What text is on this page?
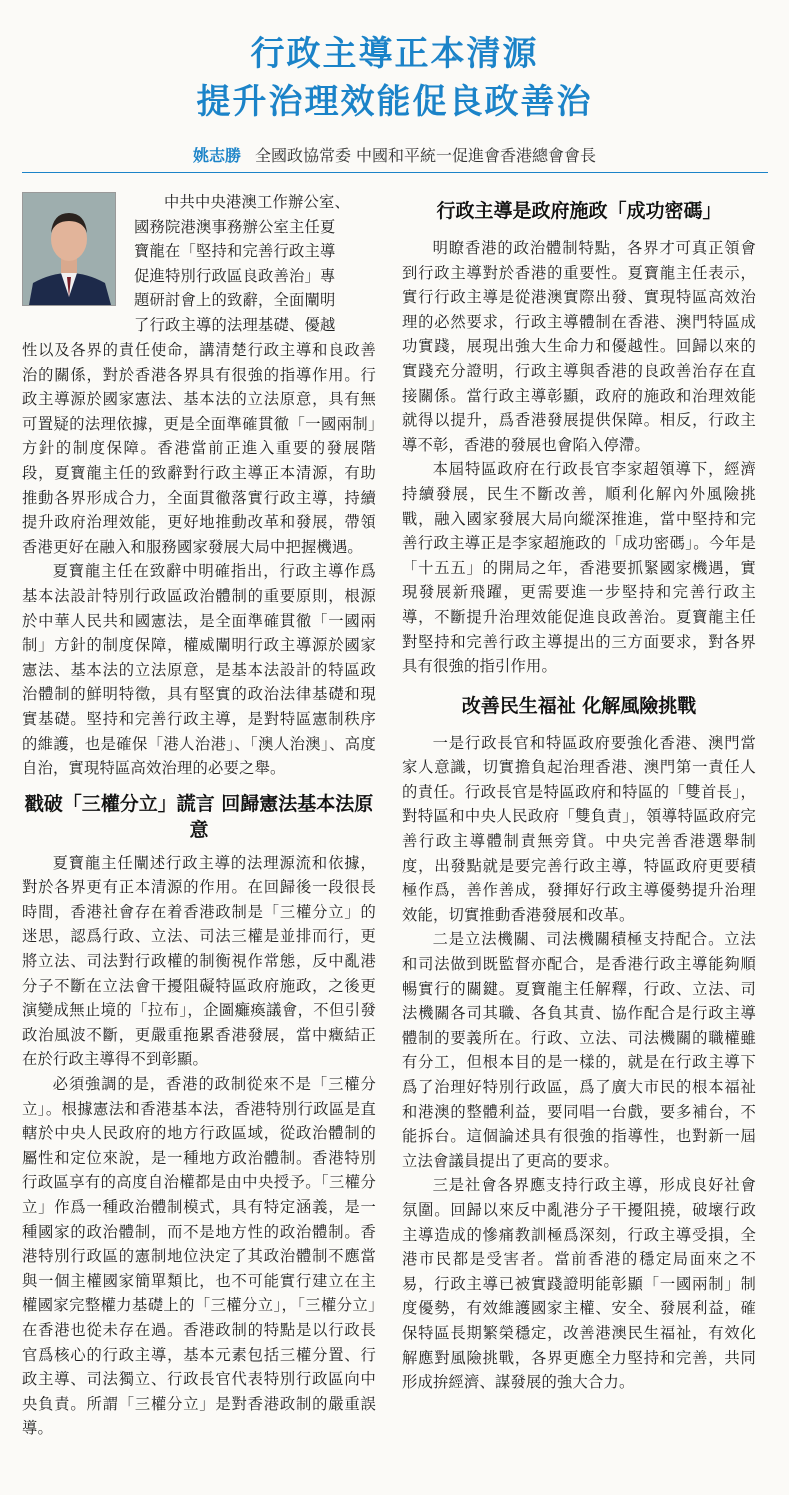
行政主導正本清源
提升治理效能促良政善治
姚志勝 全國政協常委 中國和平統一促進會香港總會會長

中共中央港澳工作辦公室、

國務院港澳事務辦公室主任夏

寶龍在「堅持和完善行政主導

促進特別行政區良政善治」專

題研討會上的致辭，全面闡明

了行政主導的法理基礎、優越

性以及各界的責任使命，講清楚行政主導和良政善治的關係，對於香港各界具有很強的指導作用。行政主導源於國家憲法、基本法的立法原意，具有無可置疑的法理依據，更是全面準確貫徹「一國兩制」方針的制度保障。香港當前正進入重要的發展階段，夏寶龍主任的致辭對行政主導正本清源，有助推動各界形成合力，全面貫徹落實行政主導，持續提升政府治理效能，更好地推動改革和發展，帶領香港更好在融入和服務國家發展大局中把握機遇。

夏寶龍主任在致辭中明確指出，行政主導作爲基本法設計特別行政區政治體制的重要原則，根源於中華人民共和國憲法，是全面準確貫徹「一國兩制」方針的制度保障，權威闡明行政主導源於國家憲法、基本法的立法原意，是基本法設計的特區政治體制的鮮明特徵，具有堅實的政治法律基礎和現實基礎。堅持和完善行政主導，是對特區憲制秩序的維護，也是確保「港人治港」、「澳人治澳」、高度自治，實現特區高效治理的必要之舉。

戳破「三權分立」謊言 回歸憲法基本法原意

夏寶龍主任闡述行政主導的法理源流和依據，對於各界更有正本清源的作用。在回歸後一段很長時間，香港社會存在着香港政制是「三權分立」的迷思，認爲行政、立法、司法三權是並排而行，更將立法、司法對行政權的制衡視作常態，反中亂港分子不斷在立法會干擾阻礙特區政府施政，之後更演變成無止境的「拉布」，企圖癱瘓議會，不但引發政治風波不斷，更嚴重拖累香港發展，當中癥結正在於行政主導得不到彰顯。

必須強調的是，香港的政制從來不是「三權分立」。根據憲法和香港基本法，香港特別行政區是直轄於中央人民政府的地方行政區域，從政治體制的屬性和定位來說，是一種地方政治體制。香港特別行政區享有的高度自治權都是由中央授予。「三權分立」作爲一種政治體制模式，具有特定涵義，是一種國家的政治體制，而不是地方性的政治體制。香港特別行政區的憲制地位決定了其政治體制不應當與一個主權國家簡單類比，也不可能實行建立在主權國家完整權力基礎上的「三權分立」，「三權分立」在香港也從未存在過。香港政制的特點是以行政長官爲核心的行政主導，基本元素包括三權分置、行政主導、司法獨立、行政長官代表特別行政區向中央負責。所謂「三權分立」是對香港政制的嚴重誤導。

行政主導是政府施政「成功密碼」

明瞭香港的政治體制特點，各界才可真正領會到行政主導對於香港的重要性。夏寶龍主任表示，實行行政主導是從港澳實際出發、實現特區高效治理的必然要求，行政主導體制在香港、澳門特區成功實踐，展現出強大生命力和優越性。回歸以來的實踐充分證明，行政主導與香港的良政善治存在直接關係。當行政主導彰顯，政府的施政和治理效能就得以提升，爲香港發展提供保障。相反，行政主導不彰，香港的發展也會陷入停滯。

本屆特區政府在行政長官李家超領導下，經濟持續發展，民生不斷改善，順利化解內外風險挑戰，融入國家發展大局向縱深推進，當中堅持和完善行政主導正是李家超施政的「成功密碼」。今年是「十五五」的開局之年，香港要抓緊國家機遇，實現發展新飛躍，更需要進一步堅持和完善行政主導，不斷提升治理效能促進良政善治。夏寶龍主任對堅持和完善行政主導提出的三方面要求，對各界具有很強的指引作用。

改善民生福祉 化解風險挑戰

一是行政長官和特區政府要強化香港、澳門當家人意識，切實擔負起治理香港、澳門第一責任人的責任。行政長官是特區政府和特區的「雙首長」，對特區和中央人民政府「雙負責」，領導特區政府完善行政主導體制責無旁貸。中央完善香港選舉制度，出發點就是要完善行政主導，特區政府更要積極作爲，善作善成，發揮好行政主導優勢提升治理效能，切實推動香港發展和改革。

二是立法機關、司法機關積極支持配合。立法和司法做到既監督亦配合，是香港行政主導能夠順暢實行的關鍵。夏寶龍主任解釋，行政、立法、司法機關各司其職、各負其責、協作配合是行政主導體制的要義所在。行政、立法、司法機關的職權雖有分工，但根本目的是一樣的，就是在行政主導下爲了治理好特別行政區，爲了廣大市民的根本福祉和港澳的整體利益，要同唱一台戲，要多補台，不能拆台。這個論述具有很強的指導性，也對新一屆立法會議員提出了更高的要求。

三是社會各界應支持行政主導，形成良好社會氛圍。回歸以來反中亂港分子干擾阻撓，破壞行政主導造成的慘痛教訓極爲深刻，行政主導受損，全港市民都是受害者。當前香港的穩定局面來之不易，行政主導已被實踐證明能彰顯「一國兩制」制度優勢，有效維護國家主權、安全、發展利益，確保特區長期繁榮穩定，改善港澳民生福祉，有效化解應對風險挑戰，各界更應全力堅持和完善，共同形成拚經濟、謀發展的強大合力。
